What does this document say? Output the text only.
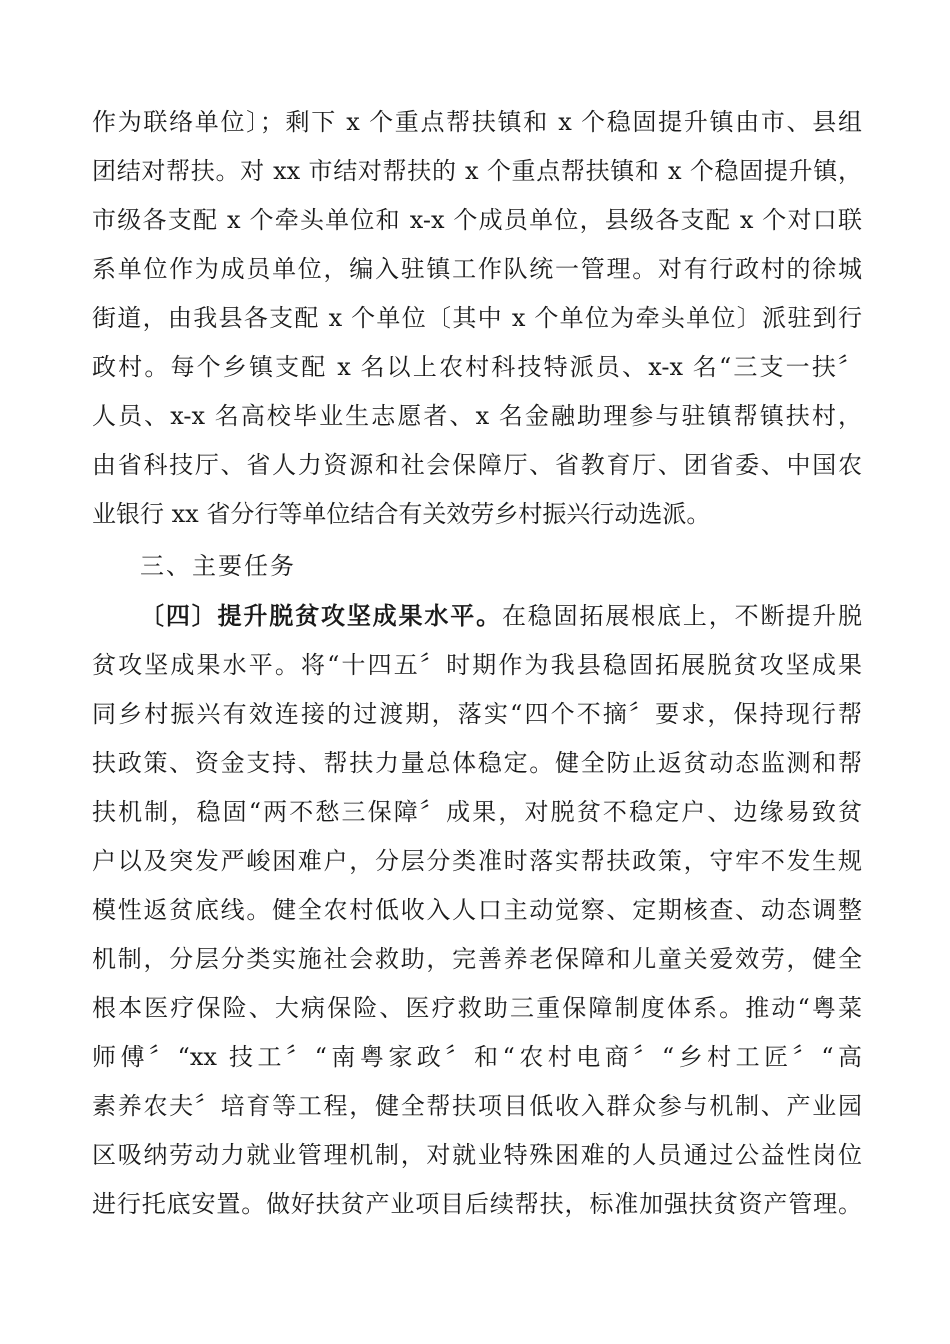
作为联络单位〕；剩下 x 个重点帮扶镇和 x 个稳固提升镇由市、县组
团结对帮扶。对 xx 市结对帮扶的 x 个重点帮扶镇和 x 个稳固提升镇，
市级各支配 x 个牵头单位和 x-x 个成员单位，县级各支配 x 个对口联
系单位作为成员单位，编入驻镇工作队统一管理。对有行政村的徐城
街道，由我县各支配 x 个单位〔其中 x 个单位为牵头单位〕派驻到行
政村。每个乡镇支配 x 名以上农村科技特派员、x-x 名“三支一扶〞
人员、x-x 名高校毕业生志愿者、x 名金融助理参与驻镇帮镇扶村，
由省科技厅、省人力资源和社会保障厅、省教育厅、团省委、中国农
业银行 xx 省分行等单位结合有关效劳乡村振兴行动选派。
三、主要任务
〔四〕提升脱贫攻坚成果水平。在稳固拓展根底上，不断提升脱
贫攻坚成果水平。将“十四五〞时期作为我县稳固拓展脱贫攻坚成果
同乡村振兴有效连接的过渡期，落实“四个不摘〞要求，保持现行帮
扶政策、资金支持、帮扶力量总体稳定。健全防止返贫动态监测和帮
扶机制，稳固“两不愁三保障〞成果，对脱贫不稳定户、边缘易致贫
户以及突发严峻困难户，分层分类准时落实帮扶政策，守牢不发生规
模性返贫底线。健全农村低收入人口主动觉察、定期核查、动态调整
机制，分层分类实施社会救助，完善养老保障和儿童关爱效劳，健全
根本医疗保险、大病保险、医疗救助三重保障制度体系。推动“粤菜
师傅〞“xx 技工〞“南粤家政〞和“农村电商〞“乡村工匠〞“高
素养农夫〞培育等工程，健全帮扶项目低收入群众参与机制、产业园
区吸纳劳动力就业管理机制，对就业特殊困难的人员通过公益性岗位
进行托底安置。做好扶贫产业项目后续帮扶，标准加强扶贫资产管理。
